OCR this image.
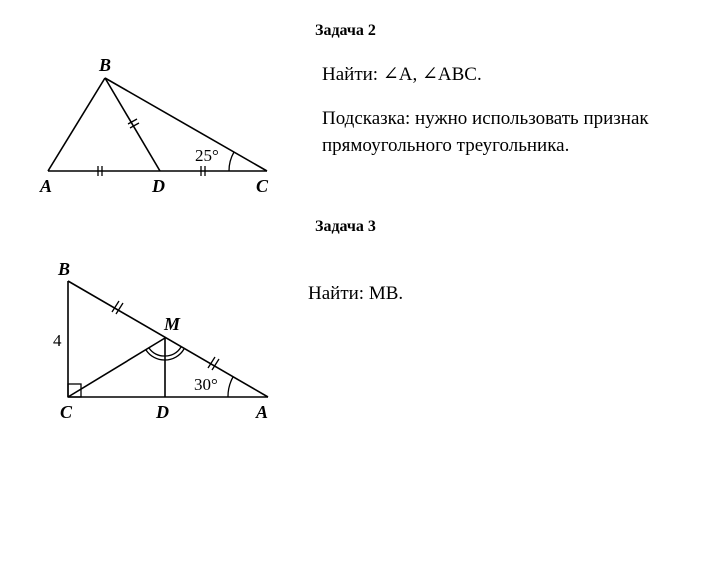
Задача 2
Найти: ∠A, ∠ABC.
Подсказка: нужно использовать признак прямоугольного треугольника.
25°
B
A	D	C
Задача 3
Найти: MB.
30°
4
B
M
C	D	A
